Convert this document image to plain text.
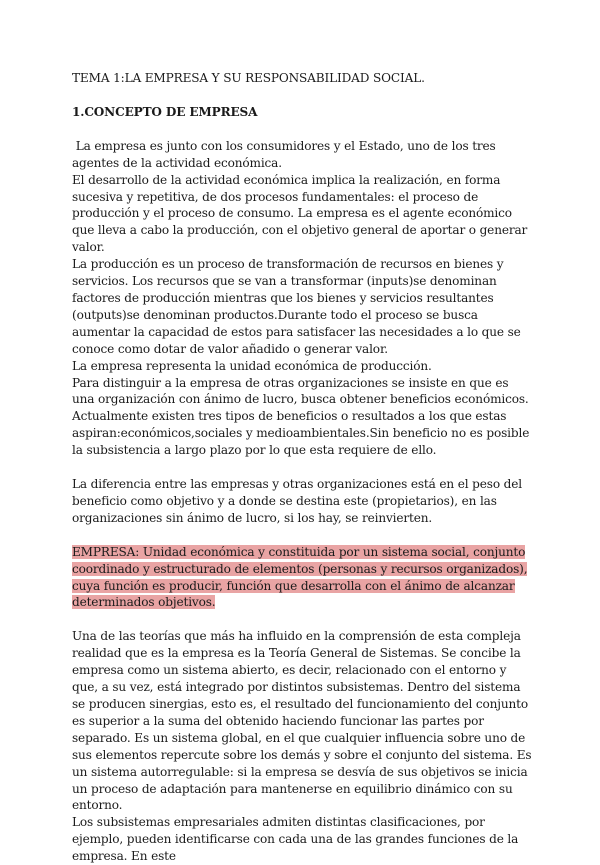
TEMA 1:LA EMPRESA Y SU RESPONSABILIDAD SOCIAL.

1.CONCEPTO DE EMPRESA

La empresa es junto con los consumidores y el Estado, uno de los tres agentes de la actividad económica.

El desarrollo de la actividad económica implica la realización, en forma sucesiva y repetitiva, de dos procesos fundamentales: el proceso de producción y el proceso de consumo. La empresa es el agente económico que lleva a cabo la producción, con el objetivo general de aportar o generar valor.

La producción es un proceso de transformación de recursos en bienes y servicios. Los recursos que se van a transformar (inputs)se denominan factores de producción mientras que los bienes y servicios resultantes (outputs)se denominan productos.Durante todo el proceso se busca aumentar la capacidad de estos para satisfacer las necesidades a lo que se conoce como dotar de valor añadido o generar valor.

La empresa representa la unidad económica de producción.

Para distinguir a la empresa de otras organizaciones se insiste en que es una organización con ánimo de lucro, busca obtener beneficios económicos. Actualmente existen tres tipos de beneficios o resultados a los que estas aspiran:económicos,sociales y medioambientales.Sin beneficio no es posible la subsistencia a largo plazo por lo que esta requiere de ello.

La diferencia entre las empresas y otras organizaciones está en el peso del beneficio como objetivo y a donde se destina este (propietarios), en las organizaciones sin ánimo de lucro, si los hay, se reinvierten.

EMPRESA: Unidad económica y constituida por un sistema social, conjunto coordinado y estructurado de elementos (personas y recursos organizados), cuya función es producir, función que desarrolla con el ánimo de alcanzar determinados objetivos.

Una de las teorías que más ha influido en la comprensión de esta compleja realidad que es la empresa es la Teoría General de Sistemas. Se concibe la empresa como un sistema abierto, es decir, relacionado con el entorno y que, a su vez, está integrado por distintos subsistemas. Dentro del sistema se producen sinergias, esto es, el resultado del funcionamiento del conjunto es superior a la suma del obtenido haciendo funcionar las partes por separado. Es un sistema global, en el que cualquier influencia sobre uno de sus elementos repercute sobre los demás y sobre el conjunto del sistema. Es un sistema autorregulable: si la empresa se desvía de sus objetivos se inicia un proceso de adaptación para mantenerse en equilibrio dinámico con su entorno.

Los subsistemas empresariales admiten distintas clasificaciones, por ejemplo, pueden identificarse con cada una de las grandes funciones de la empresa. En este
